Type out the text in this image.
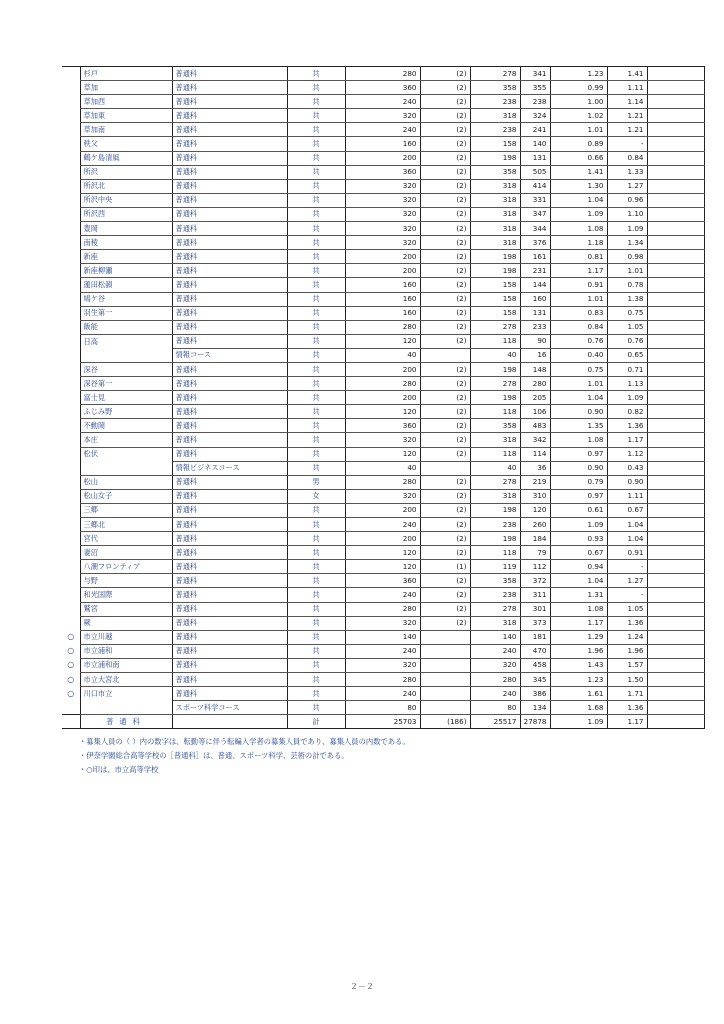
	杉戸	普通科	共	280	(2)	278	341	1.23	1.41	
	草加	普通科	共	360	(2)	358	355	0.99	1.11	
	草加西	普通科	共	240	(2)	238	238	1.00	1.14	
	草加東	普通科	共	320	(2)	318	324	1.02	1.21	
	草加南	普通科	共	240	(2)	238	241	1.01	1.21	
	秩父	普通科	共	160	(2)	158	140	0.89	-	
	鶴ケ島清風	普通科	共	200	(2)	198	131	0.66	0.84	
	所沢	普通科	共	360	(2)	358	505	1.41	1.33	
	所沢北	普通科	共	320	(2)	318	414	1.30	1.27	
	所沢中央	普通科	共	320	(2)	318	331	1.04	0.96	
	所沢西	普通科	共	320	(2)	318	347	1.09	1.10	
	豊岡	普通科	共	320	(2)	318	344	1.08	1.09	
	南稜	普通科	共	320	(2)	318	376	1.18	1.34	
	新座	普通科	共	200	(2)	198	161	0.81	0.98	
	新座柳瀬	普通科	共	200	(2)	198	231	1.17	1.01	
	蓮田松韻	普通科	共	160	(2)	158	144	0.91	0.78	
	鳩ケ谷	普通科	共	160	(2)	158	160	1.01	1.38	
	羽生第一	普通科	共	160	(2)	158	131	0.83	0.75	
	飯能	普通科	共	280	(2)	278	233	0.84	1.05	
	日高	普通科	共	120	(2)	118	90	0.76	0.76	
		情報コース	共	40		40	16	0.40	0.65	
	深谷	普通科	共	200	(2)	198	148	0.75	0.71	
	深谷第一	普通科	共	280	(2)	278	280	1.01	1.13	
	富士見	普通科	共	200	(2)	198	205	1.04	1.09	
	ふじみ野	普通科	共	120	(2)	118	106	0.90	0.82	
	不動岡	普通科	共	360	(2)	358	483	1.35	1.36	
	本庄	普通科	共	320	(2)	318	342	1.08	1.17	
	松伏	普通科	共	120	(2)	118	114	0.97	1.12	
		情報ビジネスコース	共	40		40	36	0.90	0.43	
	松山	普通科	男	280	(2)	278	219	0.79	0.90	
	松山女子	普通科	女	320	(2)	318	310	0.97	1.11	
	三郷	普通科	共	200	(2)	198	120	0.61	0.67	
	三郷北	普通科	共	240	(2)	238	260	1.09	1.04	
	宮代	普通科	共	200	(2)	198	184	0.93	1.04	
	妻沼	普通科	共	120	(2)	118	79	0.67	0.91	
	八潮フロンティア	普通科	共	120	(1)	119	112	0.94	-	
	与野	普通科	共	360	(2)	358	372	1.04	1.27	
	和光国際	普通科	共	240	(2)	238	311	1.31	-	
	鷲宮	普通科	共	280	(2)	278	301	1.08	1.05	
	蕨	普通科	共	320	(2)	318	373	1.17	1.36	
○	市立川越	普通科	共	140		140	181	1.29	1.24	
○	市立浦和	普通科	共	240		240	470	1.96	1.96	
○	市立浦和南	普通科	共	320		320	458	1.43	1.57	
○	市立大宮北	普通科	共	280		280	345	1.23	1.50	
○	川口市立	普通科	共	240		240	386	1.61	1.71	
		スポーツ科学コース	共	80		80	134	1.68	1.36	
	普通科		計	25703	(186)	25517	27878	1.09	1.17	
・募集人員の（ ）内の数字は、転勤等に伴う転編入学者の募集人員であり、募集人員の内数である。
・伊奈学園総合高等学校の［普通科］は、普通、スポーツ科学、芸術の計である。
・○印は、市立高等学校
２－２
